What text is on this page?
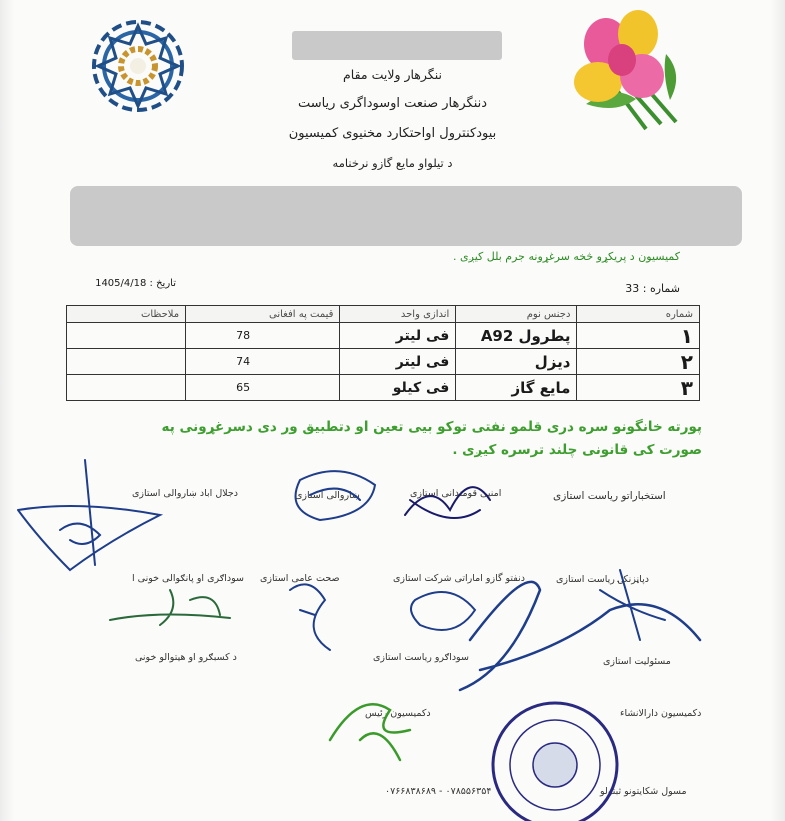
ننگرهار ولایت مقام
دننگرهار صنعت اوسوداگری ریاست
بیودکنترول اواحتکارد مخنیوی کمیسیون
د تیلواو مایع گازو نرخنامه
کمیسیون د پریکړو څخه سرغړونه جرم بلل کیږی .
شماره : 33
تاریخ : 1405/4/18
شماره	دجنس نوم	اندازی واحد	قیمت په افغانی	ملاحظات
۱	پطرول A92	فی لیتر	78	
۲	دیزل	فی لیتر	74	
۳	مایع گاز	فی کیلو	65	
پورته خانگونو سره دری قلمو نفتی توکو بیی تعین او دتطبیق ور دی دسرغړونی په
صورت کی قانونی چلند ترسره کیږی .
استخباراتو ریاست استازی
امنیی قومندانی استازی
ښاروالی استازی
دجلال اباد ښاروالی استازی
دپاڼزنکۍ ریاست استازی
دنفتو گازو اماراتی شرکت استازی
صحت عامی استازی
سوداګری او پانګوالی خونی ا
مسئولیت استازی
سوداګرو ریاست استازی
د کسبګرو او هیتوالو خونی
دکمیسیون دارالانشاء
دکمیسیون رئیس
مسول شکایتونو ثبتولو
۰۷۶۶۸۳۸۶۸۹ - ۰۷۸۵۵۶۳۵۴
